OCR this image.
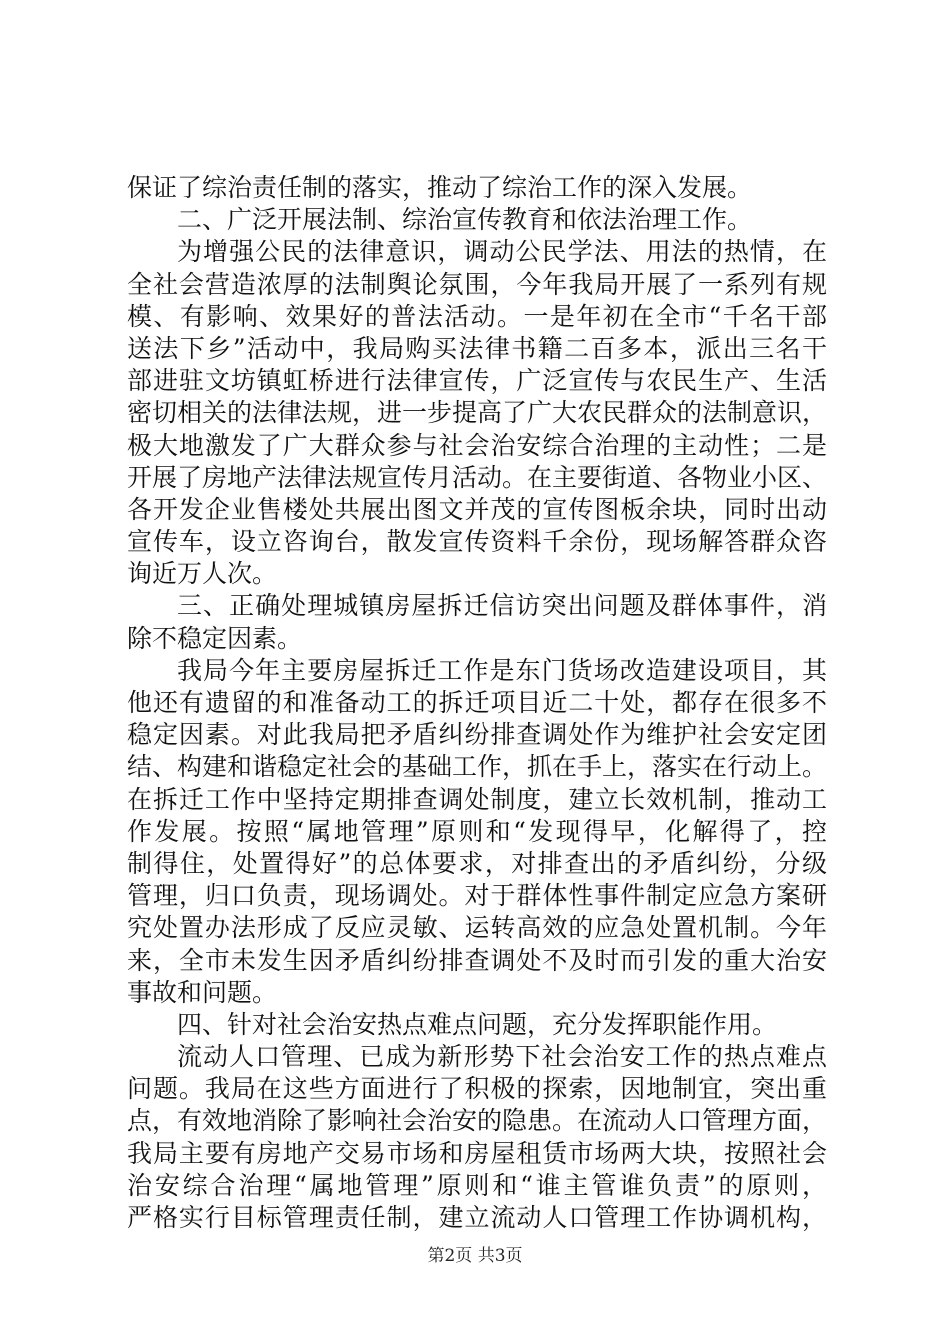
保证了综治责任制的落实，推动了综治工作的深入发展。
二、广泛开展法制、综治宣传教育和依法治理工作。
为增强公民的法律意识，调动公民学法、用法的热情，在
全社会营造浓厚的法制舆论氛围，今年我局开展了一系列有规
模、有影响、效果好的普法活动。一是年初在全市“千名干部
送法下乡”活动中，我局购买法律书籍二百多本，派出三名干
部进驻文坊镇虹桥进行法律宣传，广泛宣传与农民生产、生活
密切相关的法律法规，进一步提高了广大农民群众的法制意识，
极大地激发了广大群众参与社会治安综合治理的主动性；二是
开展了房地产法律法规宣传月活动。在主要街道、各物业小区、
各开发企业售楼处共展出图文并茂的宣传图板余块，同时出动
宣传车，设立咨询台，散发宣传资料千余份，现场解答群众咨
询近万人次。
三、正确处理城镇房屋拆迁信访突出问题及群体事件，消
除不稳定因素。
我局今年主要房屋拆迁工作是东门货场改造建设项目，其
他还有遗留的和准备动工的拆迁项目近二十处，都存在很多不
稳定因素。对此我局把矛盾纠纷排查调处作为维护社会安定团
结、构建和谐稳定社会的基础工作，抓在手上，落实在行动上。
在拆迁工作中坚持定期排查调处制度，建立长效机制，推动工
作发展。按照“属地管理”原则和“发现得早，化解得了，控
制得住，处置得好”的总体要求，对排查出的矛盾纠纷，分级
管理，归口负责，现场调处。对于群体性事件制定应急方案研
究处置办法形成了反应灵敏、运转高效的应急处置机制。今年
来，全市未发生因矛盾纠纷排查调处不及时而引发的重大治安
事故和问题。
四、针对社会治安热点难点问题，充分发挥职能作用。
流动人口管理、已成为新形势下社会治安工作的热点难点
问题。我局在这些方面进行了积极的探索，因地制宜，突出重
点，有效地消除了影响社会治安的隐患。在流动人口管理方面，
我局主要有房地产交易市场和房屋租赁市场两大块，按照社会
治安综合治理“属地管理”原则和“谁主管谁负责”的原则，
严格实行目标管理责任制，建立流动人口管理工作协调机构，
第2页 共3页
